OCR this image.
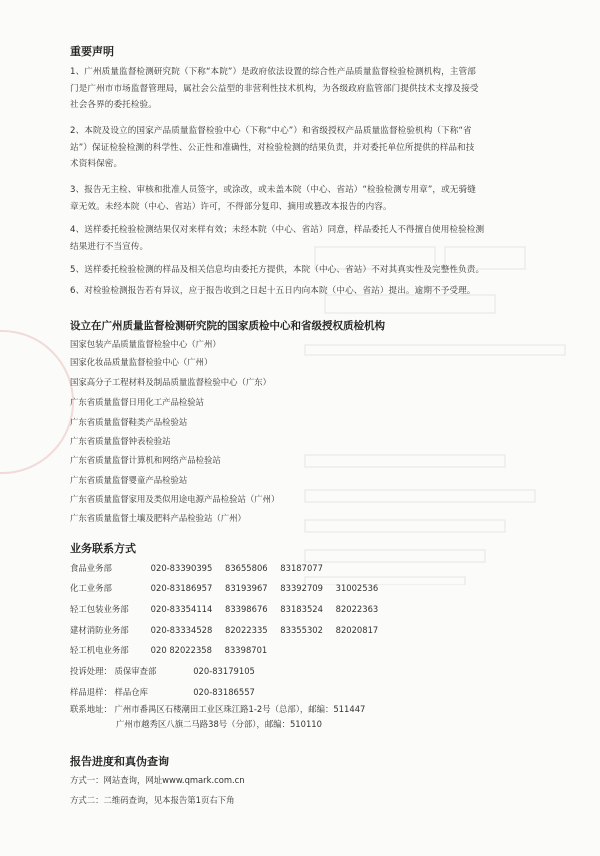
重要声明
1、广州质量监督检测研究院（下称“本院”）是政府依法设置的综合性产品质量监督检验检测机构，主管部
门是广州市市场监督管理局，属社会公益型的非营利性技术机构，为各级政府监管部门提供技术支撑及接受
社会各界的委托检验。
2、本院及设立的国家产品质量监督检验中心（下称“中心”）和省级授权产品质量监督检验机构（下称“省
站”）保证检验检测的科学性、公正性和准确性，对检验检测的结果负责，并对委托单位所提供的样品和技
术资料保密。
3、报告无主检、审核和批准人员签字，或涂改，或未盖本院（中心、省站）“检验检测专用章”，或无骑缝
章无效。未经本院（中心、省站）许可，不得部分复印、摘用或篡改本报告的内容。
4、送样委托检验检测结果仅对来样有效；未经本院（中心、省站）同意，样品委托人不得擅自使用检验检测
结果进行不当宣传。
5、送样委托检验检测的样品及相关信息均由委托方提供，本院（中心、省站）不对其真实性及完整性负责。
6、对检验检测报告若有异议，应于报告收到之日起十五日内向本院（中心、省站）提出。逾期不予受理。
设立在广州质量监督检测研究院的国家质检中心和省级授权质检机构
国家包装产品质量监督检验中心（广州）
国家化妆品质量监督检验中心（广州）
国家高分子工程材料及制品质量监督检验中心（广东）
广东省质量监督日用化工产品检验站
广东省质量监督鞋类产品检验站
广东省质量监督钟表检验站
广东省质量监督计算机和网络产品检验站
广东省质量监督婴童产品检验站
广东省质量监督家用及类似用途电源产品检验站（广州）
广东省质量监督土壤及肥料产品检验站（广州）
业务联系方式
食品业务部	020-83390395 83655806 83187077
化工业务部	020-83186957 83193967 83392709 31002536
轻工包装业务部	020-83354114 83398676 83183524 82022363
建材消防业务部	020-83334528 82022335 83355302 82020817
轻工机电业务部	020 82022358 83398701
投诉处理： 质保审查部	020-83179105
样品退样： 样品仓库	020-83186557
联系地址： 广州市番禺区石楼潮田工业区珠江路1-2号（总部），邮编：511447
广州市越秀区八旗二马路38号（分部），邮编：510110
报告进度和真伪查询
方式一：网站查询，网址www.qmark.com.cn
方式二：二维码查询，见本报告第1页右下角
